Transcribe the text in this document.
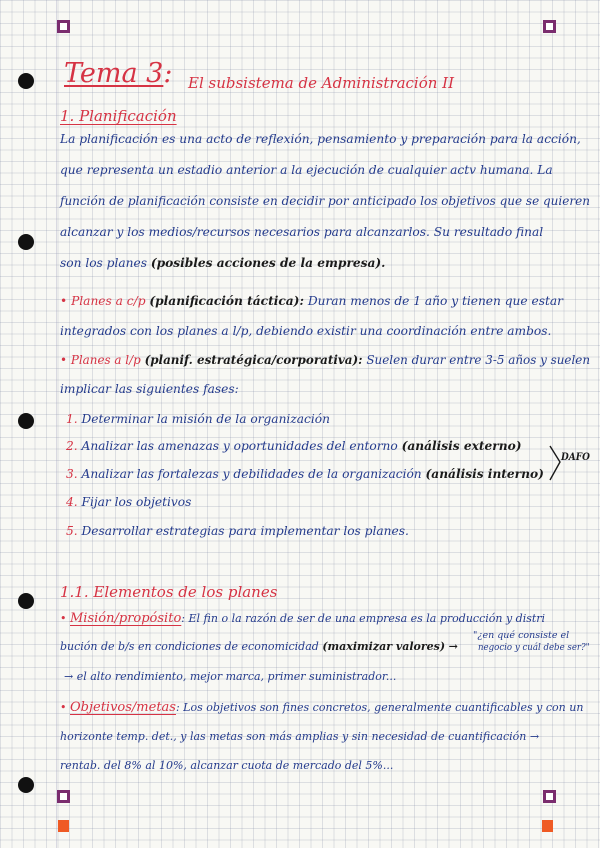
Tema 3: El subsistema de Administración II
1. Planificación
La planificación es una acto de reflexión, pensamiento y preparación para la acción,
que representa un estadio anterior a la ejecución de cualquier actv humana. La
función de planificación consiste en decidir por anticipado los objetivos que se quieren
alcanzar y los medios/recursos necesarios para alcanzarlos. Su resultado final
son los planes (posibles acciones de la empresa).
• Planes a c/p (planificación táctica): Duran menos de 1 año y tienen que estar
integrados con los planes a l/p, debiendo existir una coordinación entre ambos.
• Planes a l/p (planif. estratégica/corporativa): Suelen durar entre 3-5 años y suelen
implicar las siguientes fases:
1. Determinar la misión de la organización
2. Analizar las amenazas y oportunidades del entorno (análisis externo)
3. Analizar las fortalezas y debilidades de la organización (análisis interno)
4. Fijar los objetivos
5. Desarrollar estrategias para implementar los planes.
DAFO
1.1. Elementos de los planes
• Misión/propósito: El fin o la razón de ser de una empresa es la producción y distri
bución de b/s en condiciones de economicidad (maximizar valores) →
"¿en qué consiste el
negocio y cuál debe ser?"
→ el alto rendimiento, mejor marca, primer suministrador...
• Objetivos/metas: Los objetivos son fines concretos, generalmente cuantificables y con un
horizonte temp. det., y las metas son más amplias y sin necesidad de cuantificación →
rentab. del 8% al 10%, alcanzar cuota de mercado del 5%...
